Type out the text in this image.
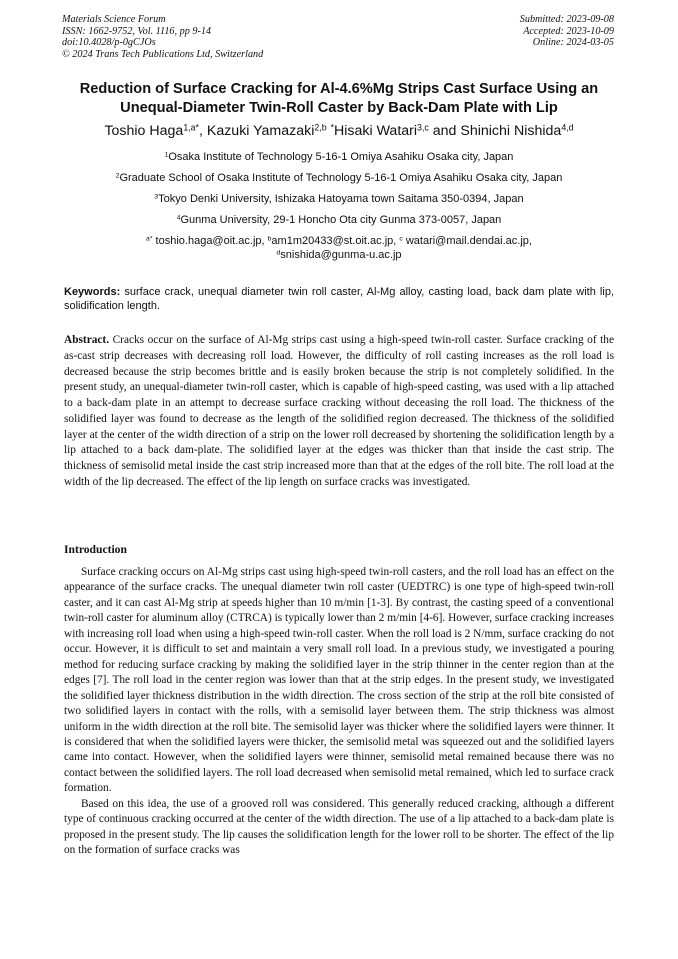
Materials Science Forum
ISSN: 1662-9752, Vol. 1116, pp 9-14
doi:10.4028/p-0gCJOs
© 2024 Trans Tech Publications Ltd, Switzerland
Submitted: 2023-09-08
Accepted: 2023-10-09
Online: 2024-03-05
Reduction of Surface Cracking for Al-4.6%Mg Strips Cast Surface Using an Unequal-Diameter Twin-Roll Caster by Back-Dam Plate with Lip
Toshio Haga$^{1,a*}$, Kazuki Yamazaki$^{2,b}$ *Hisaki Watari$^{3,c}$ and Shinichi Nishida$^{4,d}$
$^1$Osaka Institute of Technology 5-16-1 Omiya Asahiku Osaka city, Japan
$^2$Graduate School of Osaka Institute of Technology 5-16-1 Omiya Asahiku Osaka city, Japan
$^3$Tokyo Denki University, Ishizaka Hatoyama town Saitama 350-0394, Japan
$^4$Gunma University, 29-1 Honcho Ota city Gunma 373-0057, Japan
$^{a*}$ toshio.haga@oit.ac.jp, $^b$am1m20433@st.oit.ac.jp, $^c$ watari@mail.dendai.ac.jp,
$^d$snishida@gunma-u.ac.jp
Keywords: surface crack, unequal diameter twin roll caster, Al-Mg alloy, casting load, back dam plate with lip, solidification length.
Abstract. Cracks occur on the surface of Al-Mg strips cast using a high-speed twin-roll caster. Surface cracking of the as-cast strip decreases with decreasing roll load. However, the difficulty of roll casting increases as the roll load is decreased because the strip becomes brittle and is easily broken because the strip is not completely solidified. In the present study, an unequal-diameter twin-roll caster, which is capable of high-speed casting, was used with a lip attached to a back-dam plate in an attempt to decrease surface cracking without deceasing the roll load. The thickness of the solidified layer was found to decrease as the length of the solidified region decreased. The thickness of the solidified layer at the center of the width direction of a strip on the lower roll decreased by shortening the solidification length by a lip attached to a back dam-plate. The solidified layer at the edges was thicker than that inside the cast strip. The thickness of semisolid metal inside the cast strip increased more than that at the edges of the roll bite. The roll load at the width of the lip decreased. The effect of the lip length on surface cracks was investigated.
Introduction

Surface cracking occurs on Al-Mg strips cast using high-speed twin-roll casters, and the roll load has an effect on the appearance of the surface cracks. The unequal diameter twin roll caster (UEDTRC) is one type of high-speed twin-roll caster, and it can cast Al-Mg strip at speeds higher than 10 m/min [1-3]. By contrast, the casting speed of a conventional twin-roll caster for aluminum alloy (CTRCA) is typically lower than 2 m/min [4-6]. However, surface cracking increases with increasing roll load when using a high-speed twin-roll caster. When the roll load is 2 N/mm, surface cracking do not occur. However, it is difficult to set and maintain a very small roll load. In a previous study, we investigated a pouring method for reducing surface cracking by making the solidified layer in the strip thinner in the center region than at the edges [7]. The roll load in the center region was lower than that at the strip edges. In the present study, we investigated the solidified layer thickness distribution in the width direction. The cross section of the strip at the roll bite consisted of two solidified layers in contact with the rolls, with a semisolid layer between them. The strip thickness was almost uniform in the width direction at the roll bite. The semisolid layer was thicker where the solidified layers were thinner. It is considered that when the solidified layers were thicker, the semisolid metal was squeezed out and the solidified layers came into contact. However, when the solidified layers were thinner, semisolid metal remained because there was no contact between the solidified layers. The roll load decreased when semisolid metal remained, which led to surface crack formation.

Based on this idea, the use of a grooved roll was considered. This generally reduced cracking, although a different type of continuous cracking occurred at the center of the width direction. The use of a lip attached to a back-dam plate is proposed in the present study. The lip causes the solidification length for the lower roll to be shorter. The effect of the lip on the formation of surface cracks was
